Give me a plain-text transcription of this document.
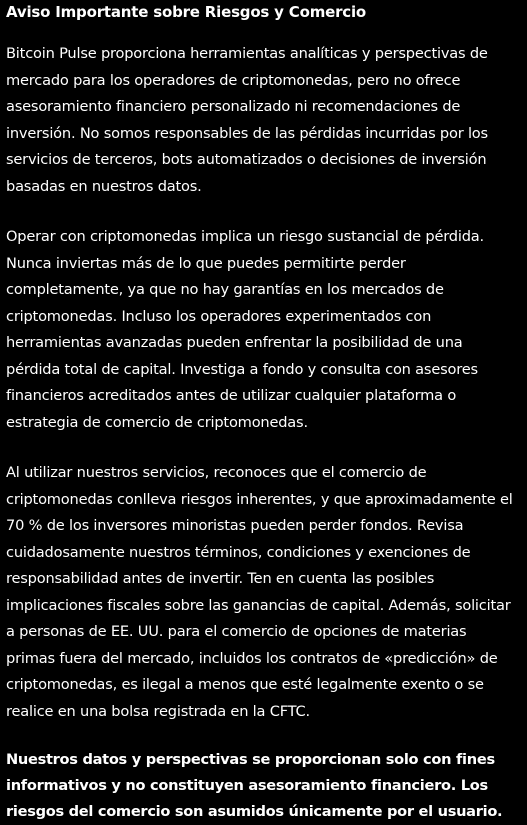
Aviso Importante sobre Riesgos y Comercio

Bitcoin Pulse proporciona herramientas analíticas y perspectivas de mercado para los operadores de criptomonedas, pero no ofrece asesoramiento financiero personalizado ni recomendaciones de inversión. No somos responsables de las pérdidas incurridas por los servicios de terceros, bots automatizados o decisiones de inversión basadas en nuestros datos.

Operar con criptomonedas implica un riesgo sustancial de pérdida. Nunca inviertas más de lo que puedes permitirte perder completamente, ya que no hay garantías en los mercados de criptomonedas. Incluso los operadores experimentados con herramientas avanzadas pueden enfrentar la posibilidad de una pérdida total de capital. Investiga a fondo y consulta con asesores financieros acreditados antes de utilizar cualquier plataforma o estrategia de comercio de criptomonedas.

Al utilizar nuestros servicios, reconoces que el comercio de criptomonedas conlleva riesgos inherentes, y que aproximadamente el 70 % de los inversores minoristas pueden perder fondos. Revisa cuidadosamente nuestros términos, condiciones y exenciones de responsabilidad antes de invertir. Ten en cuenta las posibles implicaciones fiscales sobre las ganancias de capital. Además, solicitar a personas de EE. UU. para el comercio de opciones de materias primas fuera del mercado, incluidos los contratos de «predicción» de criptomonedas, es ilegal a menos que esté legalmente exento o se realice en una bolsa registrada en la CFTC.

Nuestros datos y perspectivas se proporcionan solo con fines informativos y no constituyen asesoramiento financiero. Los riesgos del comercio son asumidos únicamente por el usuario.
